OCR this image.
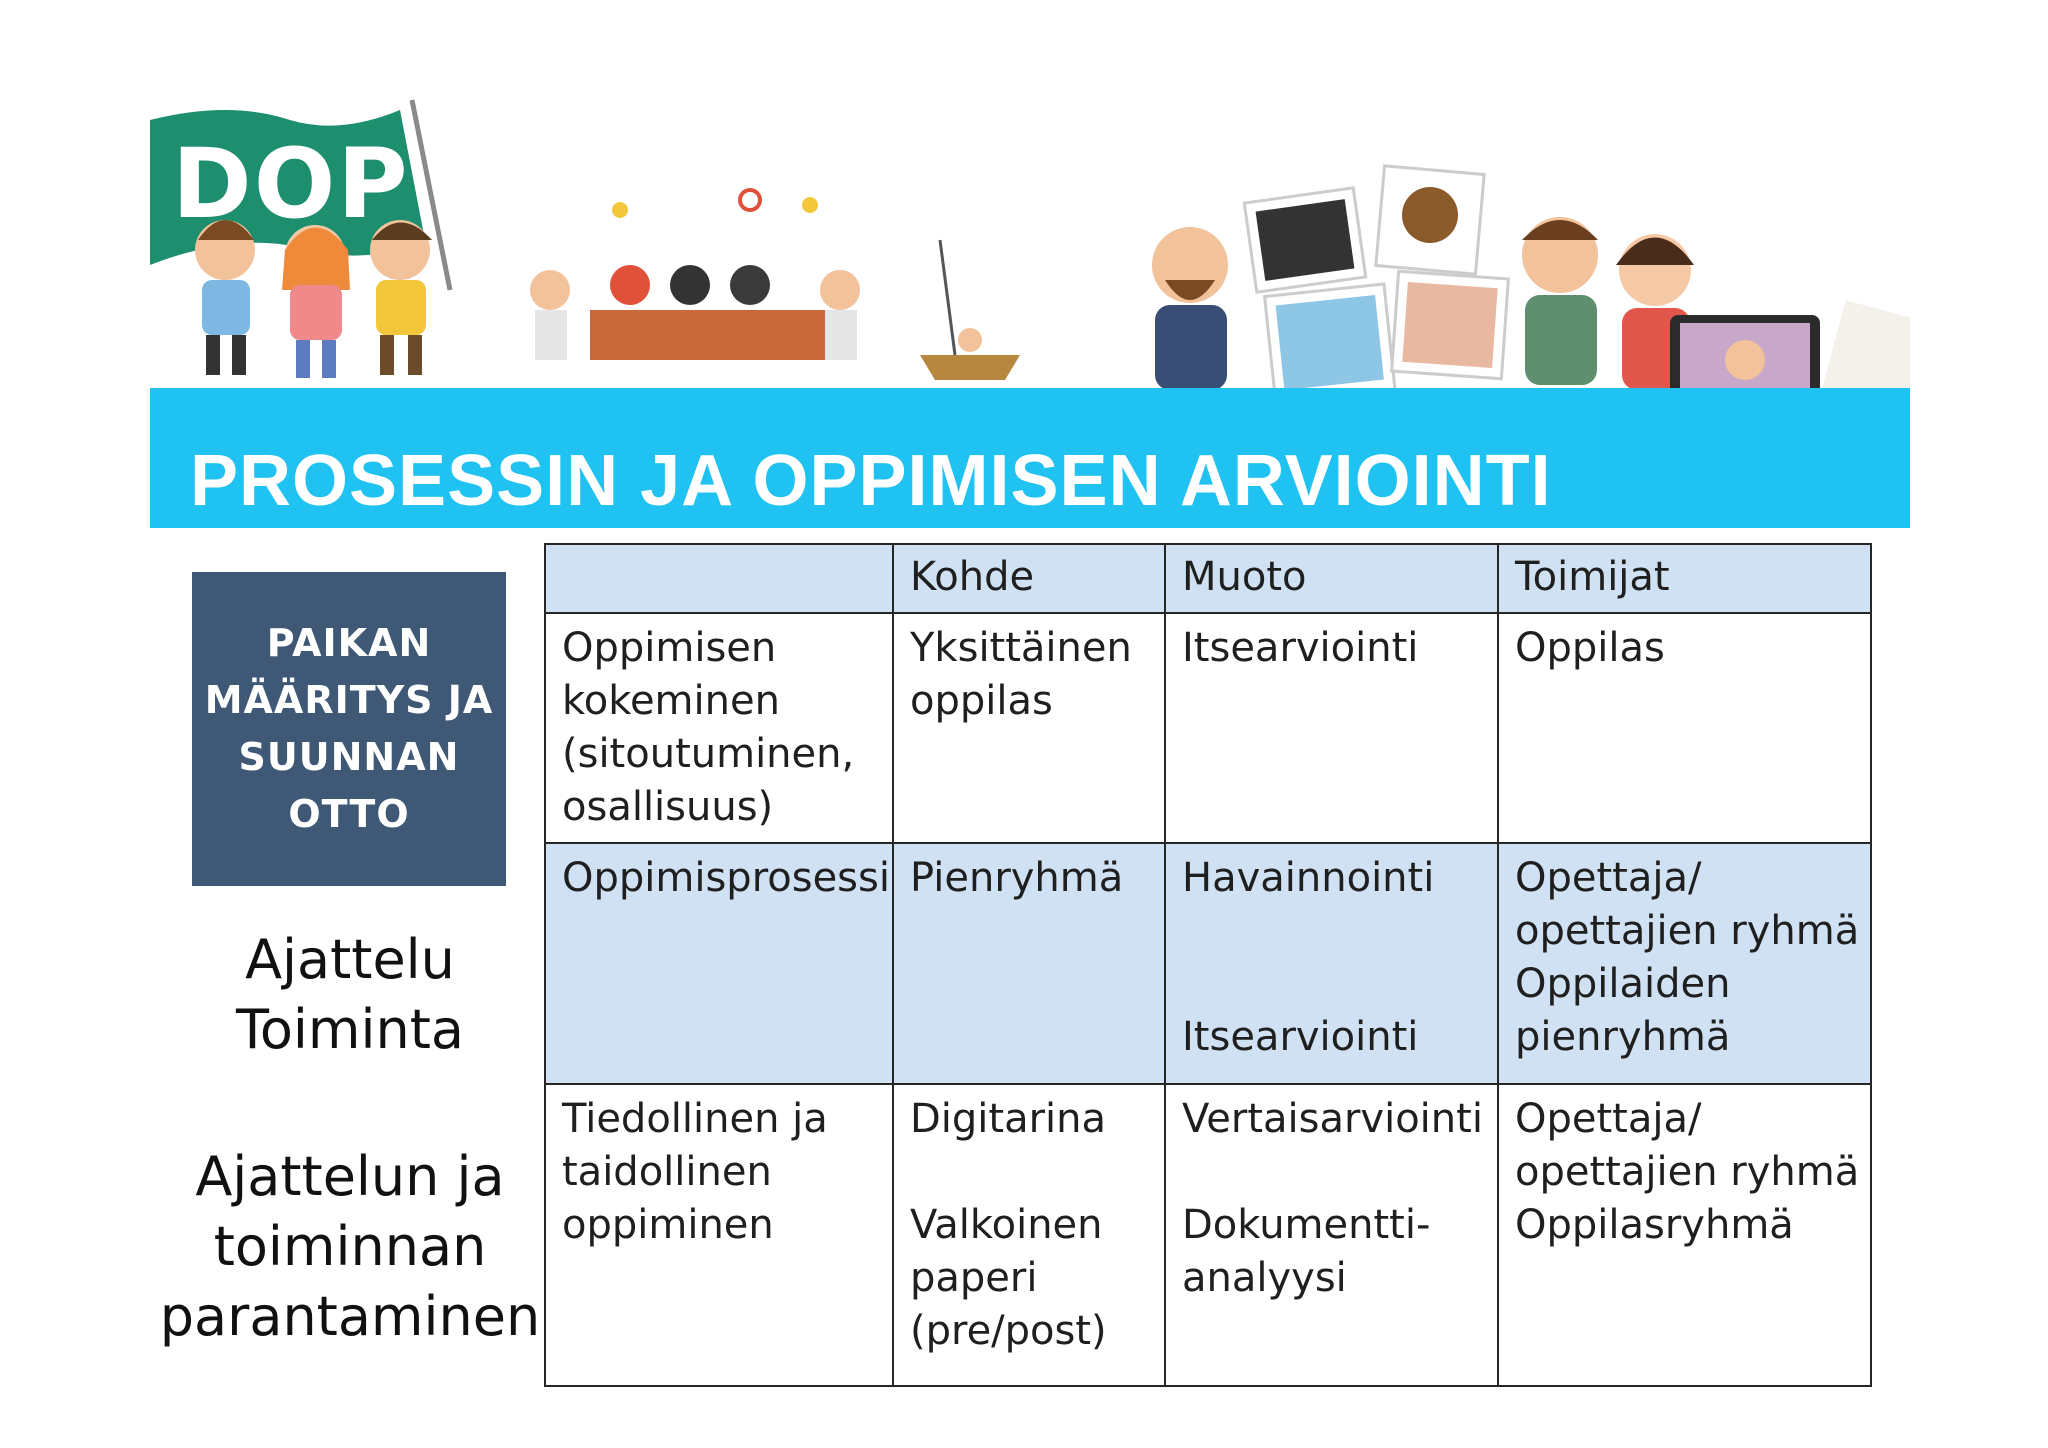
DOP
PROSESSIN JA OPPIMISEN ARVIOINTI
PAIKAN
MÄÄRITYS JA
SUUNNAN
OTTO

Ajattelu
Toiminta

Ajattelun ja
toiminnan
parantaminen

	Kohde	Muoto	Toimijat

Oppimisen
kokeminen
(sitoutuminen,
osallisuus)	Yksittäinen
oppilas	Itsearviointi	Oppilas

Oppimisprosessi	Pienryhmä	Havainnointi
Itsearviointi	Opettaja/
opettajien ryhmä
Oppilaiden
pienryhmä

Tiedollinen ja
taidollinen
oppiminen	Digitarina
Valkoinen
paperi
(pre/post)	Vertaisarviointi
Dokumentti-
analyysi	Opettaja/
opettajien ryhmä
Oppilasryhmä
